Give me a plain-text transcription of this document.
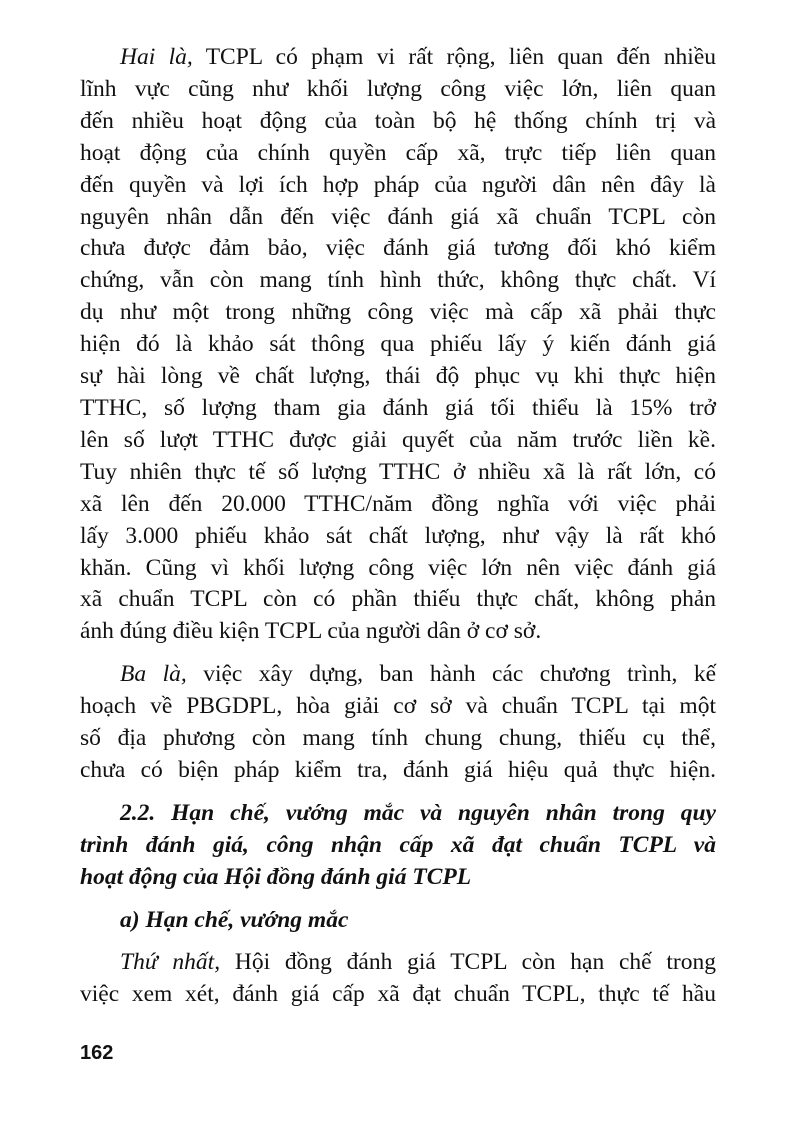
Hai là, TCPL có phạm vi rất rộng, liên quan đến nhiều
lĩnh vực cũng như khối lượng công việc lớn, liên quan
đến nhiều hoạt động của toàn bộ hệ thống chính trị và
hoạt động của chính quyền cấp xã, trực tiếp liên quan
đến quyền và lợi ích hợp pháp của người dân nên đây là
nguyên nhân dẫn đến việc đánh giá xã chuẩn TCPL còn
chưa được đảm bảo, việc đánh giá tương đối khó kiểm
chứng, vẫn còn mang tính hình thức, không thực chất. Ví
dụ như một trong những công việc mà cấp xã phải thực
hiện đó là khảo sát thông qua phiếu lấy ý kiến đánh giá
sự hài lòng về chất lượng, thái độ phục vụ khi thực hiện
TTHC, số lượng tham gia đánh giá tối thiểu là 15% trở
lên số lượt TTHC được giải quyết của năm trước liền kề.
Tuy nhiên thực tế số lượng TTHC ở nhiều xã là rất lớn, có
xã lên đến 20.000 TTHC/năm đồng nghĩa với việc phải
lấy 3.000 phiếu khảo sát chất lượng, như vậy là rất khó
khăn. Cũng vì khối lượng công việc lớn nên việc đánh giá
xã chuẩn TCPL còn có phần thiếu thực chất, không phản
ánh đúng điều kiện TCPL của người dân ở cơ sở.
Ba là, việc xây dựng, ban hành các chương trình, kế
hoạch về PBGDPL, hòa giải cơ sở và chuẩn TCPL tại một
số địa phương còn mang tính chung chung, thiếu cụ thể,
chưa có biện pháp kiểm tra, đánh giá hiệu quả thực hiện.
2.2. Hạn chế, vướng mắc và nguyên nhân trong quy
trình đánh giá, công nhận cấp xã đạt chuẩn TCPL và
hoạt động của Hội đồng đánh giá TCPL
a) Hạn chế, vướng mắc
Thứ nhất, Hội đồng đánh giá TCPL còn hạn chế trong
việc xem xét, đánh giá cấp xã đạt chuẩn TCPL, thực tế hầu
162
